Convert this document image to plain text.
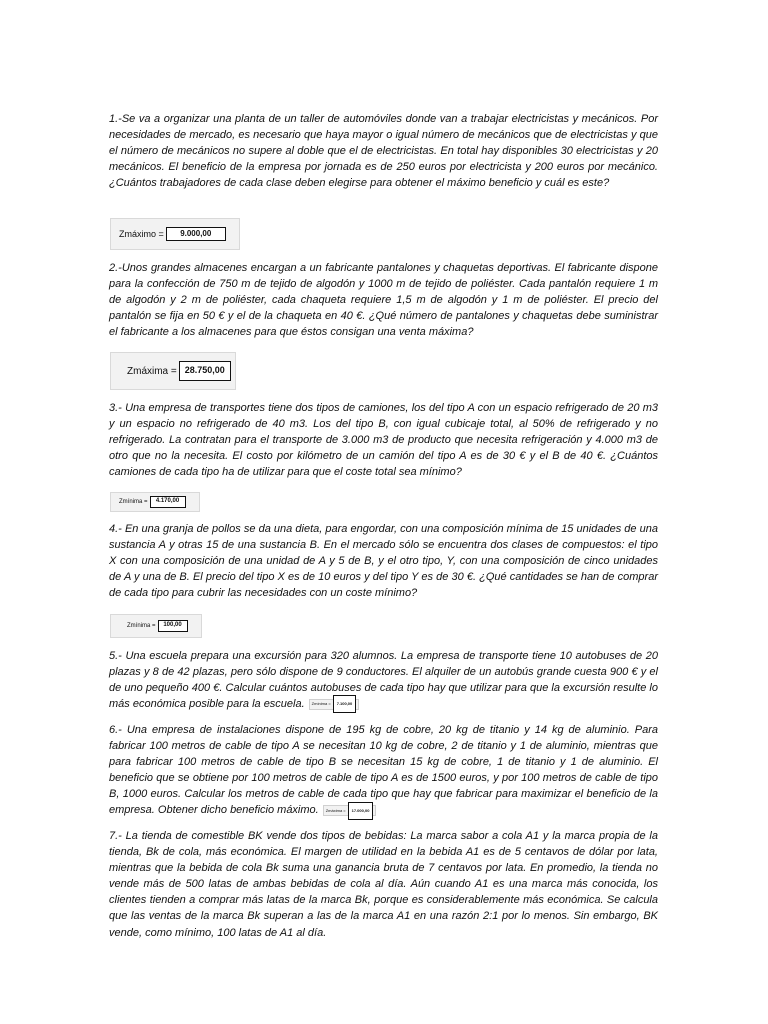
1.-Se va a organizar una planta de un taller de automóviles donde van a trabajar electricistas y mecánicos. Por necesidades de mercado, es necesario que haya mayor o igual número de mecánicos que de electricistas y que el número de mecánicos no supere al doble que el de electricistas. En total hay disponibles 30 electricistas y 20 mecánicos. El beneficio de la empresa por jornada es de 250 euros por electricista y 200 euros por mecánico. ¿Cuántos trabajadores de cada clase deben elegirse para obtener el máximo beneficio y cuál es este?

Zmáximo =	9.000,00

2.-Unos grandes almacenes encargan a un fabricante pantalones y chaquetas deportivas. El fabricante dispone para la confección de 750 m de tejido de algodón y 1000 m de tejido de poliéster. Cada pantalón requiere 1 m de algodón y 2 m de poliéster, cada chaqueta requiere 1,5 m de algodón y 1 m de poliéster. El precio del pantalón se fija en 50 € y el de la chaqueta en 40 €. ¿Qué número de pantalones y chaquetas debe suministrar el fabricante a los almacenes para que éstos consigan una venta máxima?

Zmáxima = 28.750,00

3.- Una empresa de transportes tiene dos tipos de camiones, los del tipo A con un espacio refrigerado de 20 m3 y un espacio no refrigerado de 40 m3. Los del tipo B, con igual cubicaje total, al 50% de refrigerado y no refrigerado. La contratan para el transporte de 3.000 m3 de producto que necesita refrigeración y 4.000 m3 de otro que no la necesita. El costo por kilómetro de un camión del tipo A es de 30 € y el B de 40 €. ¿Cuántos camiones de cada tipo ha de utilizar para que el coste total sea mínimo?

Zmínima =	4.170,00

4.- En una granja de pollos se da una dieta, para engordar, con una composición mínima de 15 unidades de una sustancia A y otras 15 de una sustancia B. En el mercado sólo se encuentra dos clases de compuestos: el tipo X con una composición de una unidad de A y 5 de B, y el otro tipo, Y, con una composición de cinco unidades de A y una de B. El precio del tipo X es de 10 euros y del tipo Y es de 30 €. ¿Qué cantidades se han de comprar de cada tipo para cubrir las necesidades con un coste mínimo?

Zmínima =	100,00

5.- Una escuela prepara una excursión para 320 alumnos. La empresa de transporte tiene 10 autobuses de 20 plazas y 8 de 42 plazas, pero sólo dispone de 9 conductores. El alquiler de un autobús grande cuesta 900 € y el de uno pequeño 400 €. Calcular cuántos autobuses de cada tipo hay que utilizar para que la excursión resulte lo más económica posible para la escuela. Zmínima =	7.100,00

6.- Una empresa de instalaciones dispone de 195 kg de cobre, 20 kg de titanio y 14 kg de aluminio. Para fabricar 100 metros de cable de tipo A se necesitan 10 kg de cobre, 2 de titanio y 1 de aluminio, mientras que para fabricar 100 metros de cable de tipo B se necesitan 15 kg de cobre, 1 de titanio y 1 de aluminio. El beneficio que se obtiene por 100 metros de cable de tipo A es de 1500 euros, y por 100 metros de cable de tipo B, 1000 euros. Calcular los metros de cable de cada tipo que hay que fabricar para maximizar el beneficio de la empresa. Obtener dicho beneficio máximo. Zmáxima =	17.000,00

7.- La tienda de comestible BK vende dos tipos de bebidas: La marca sabor a cola A1 y la marca propia de la tienda, Bk de cola, más económica. El margen de utilidad en la bebida A1 es de 5 centavos de dólar por lata, mientras que la bebida de cola Bk suma una ganancia bruta de 7 centavos por lata. En promedio, la tienda no vende más de 500 latas de ambas bebidas de cola al día. Aún cuando A1 es una marca más conocida, los clientes tienden a comprar más latas de la marca Bk, porque es considerablemente más económica. Se calcula que las ventas de la marca Bk superan a las de la marca A1 en una razón 2:1 por lo menos. Sin embargo, BK vende, como mínimo, 100 latas de A1 al día.
